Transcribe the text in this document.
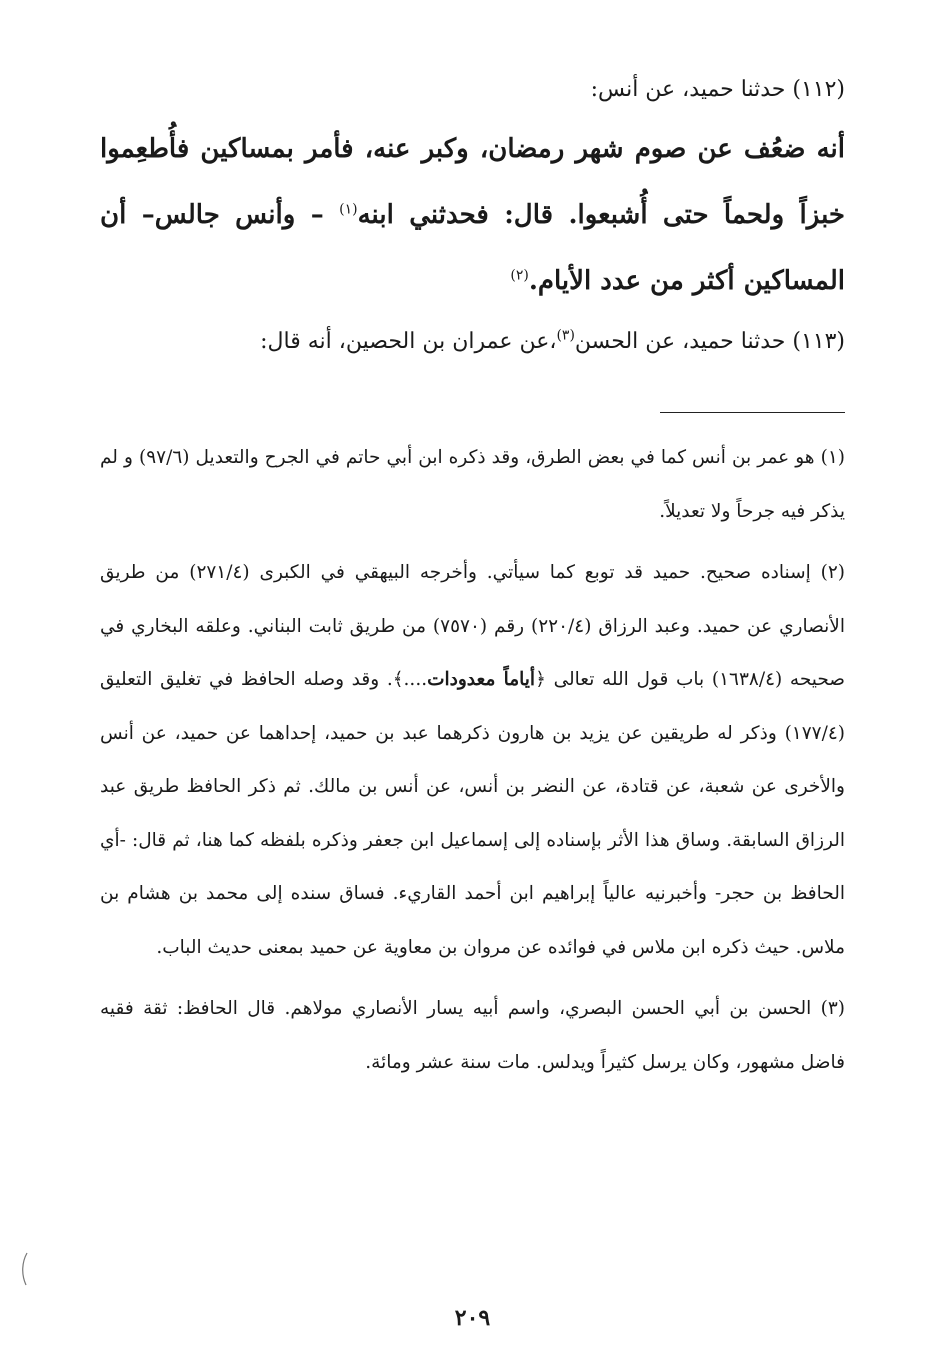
(١١٢) حدثنا حميد، عن أنس:

أنه ضعُف عن صوم شهر رمضان، وكبر عنه، فأمر بمساكين فأُطعِموا خبزاً ولحماً حتى أُشبعوا. قال: فحدثني ابنه$^{(١)}$ – وأنس جالس– أن المساكين أكثر من عدد الأيام.$^{(٢)}$

(١١٣) حدثنا حميد، عن الحسن$^{(٣)}$،عن عمران بن الحصين، أنه قال:

(١) هو عمر بن أنس كما في بعض الطرق، وقد ذكره ابن أبي حاتم في الجرح والتعديل (٩٧/٦) و لم يذكر فيه جرحاً ولا تعديلاً.

(٢) إسناده صحيح. حميد قد توبع كما سيأتي. وأخرجه البيهقي في الكبرى (٢٧١/٤) من طريق الأنصاري عن حميد. وعبد الرزاق (٢٢٠/٤) رقم (٧٥٧٠) من طريق ثابت البناني. وعلقه البخاري في صحيحه (١٦٣٨/٤) باب قول الله تعالى ﴿أياماً معدودات....﴾. وقد وصله الحافظ في تغليق التعليق (١٧٧/٤) وذكر له طريقين عن يزيد بن هارون ذكرهما عبد بن حميد، إحداهما عن حميد، عن أنس والأخرى عن شعبة، عن قتادة، عن النضر بن أنس، عن أنس بن مالك. ثم ذكر الحافظ طريق عبد الرزاق السابقة. وساق هذا الأثر بإسناده إلى إسماعيل ابن جعفر وذكره بلفظه كما هنا، ثم قال: -أي الحافظ بن حجر- وأخبرنيه عالياً إبراهيم ابن أحمد القاريء. فساق سنده إلى محمد بن هشام بن ملاس. حيث ذكره ابن ملاس في فوائده عن مروان بن معاوية عن حميد بمعنى حديث الباب.

(٣) الحسن بن أبي الحسن البصري، واسم أبيه يسار الأنصاري مولاهم. قال الحافظ: ثقة فقيه فاضل مشهور، وكان يرسل كثيراً ويدلس. مات سنة عشر ومائة.

٢٠٩
